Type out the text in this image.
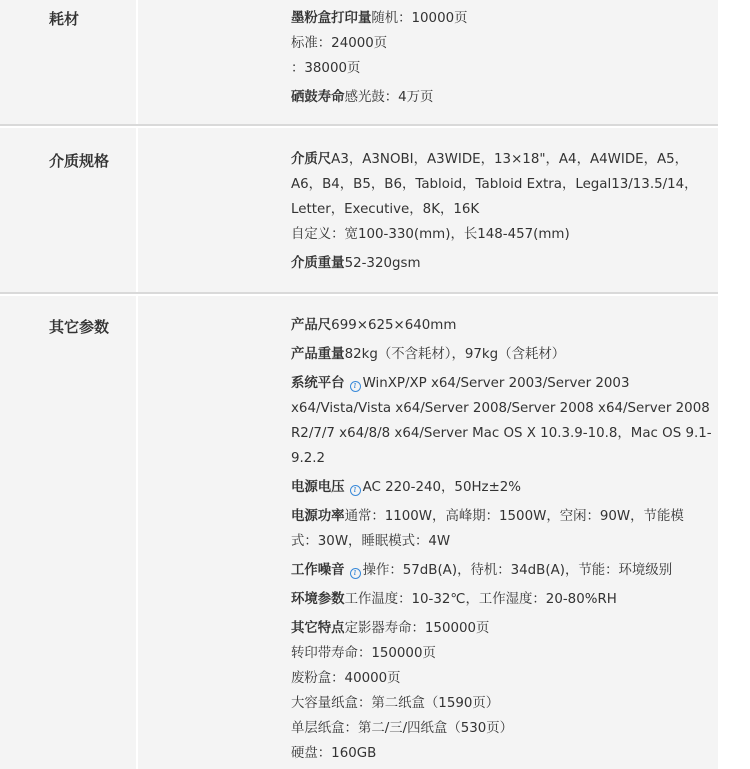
耗材	墨粉盒打印量随机：10000页
标准：24000页
：38000页
硒鼓寿命感光鼓：4万页
介质规格	介质尺A3，A3NOBI，A3WIDE，13×18"，A4，A4WIDE，A5，
A6，B4，B5，B6，Tabloid，Tabloid Extra，Legal13/13.5/14，
Letter，Executive，8K，16K
自定义：宽100-330(mm)，长148-457(mm)
介质重量52-320gsm
其它参数	产品尺699×625×640mm
产品重量82kg（不含耗材），97kg（含耗材）
系统平台 i WinXP/XP x64/Server 2003/Server 2003
x64/Vista/Vista x64/Server 2008/Server 2008 x64/Server 2008
R2/7/7 x64/8/8 x64/Server Mac OS X 10.3.9-10.8，Mac OS 9.1-
9.2.2
电源电压 i AC 220-240，50Hz±2%
电源功率通常：1100W，高峰期：1500W，空闲：90W，节能模
式：30W，睡眠模式：4W
工作噪音 i 操作：57dB(A)，待机：34dB(A)，节能：环境级别
环境参数工作温度：10-32℃，工作湿度：20-80%RH
其它特点定影器寿命：150000页
转印带寿命：150000页
废粉盒：40000页
大容量纸盒：第二纸盒（1590页）
单层纸盒：第二/三/四纸盒（530页）
硬盘：160GB
